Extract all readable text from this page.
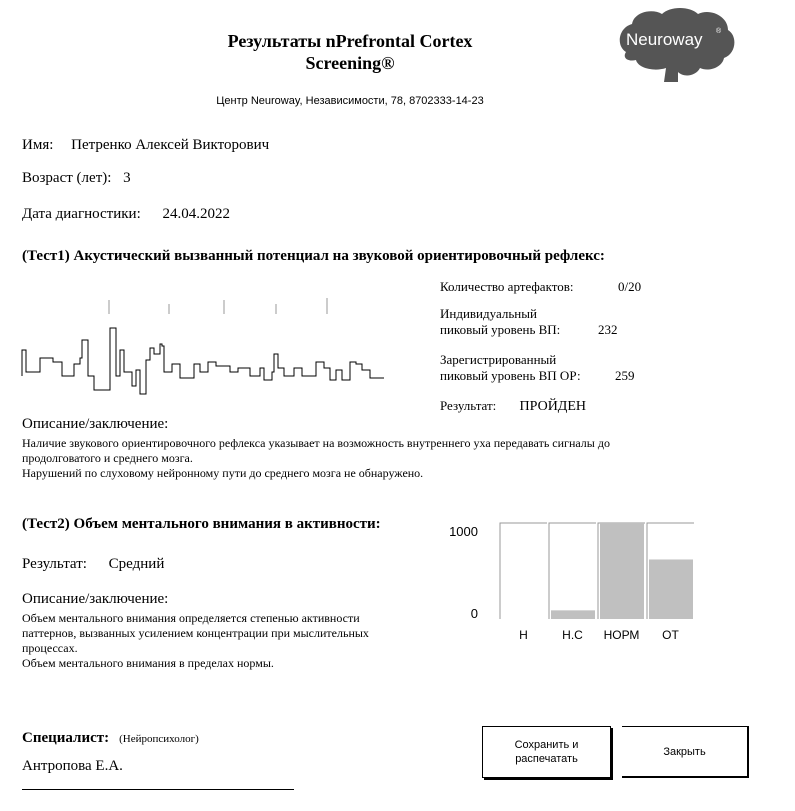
Результаты nPrefrontal Cortex
Screening®
Центр Neuroway, Независимости, 78, 8702333-14-23
Neuroway ®
Имя: Петренко Алексей Викторович
Возраст (лет): 3
Дата диагностики: 24.04.2022
(Тест1) Акустический вызванный потенциал на звуковой ориентировочный рефлекс:
Количество артефактов:	0/20
Индивидуальный
пиковый уровень ВП:	232
Зарегистрированный
пиковый уровень ВП ОР:	259
Результат: ПРОЙДЕН
Описание/заключение:
Наличие звукового ориентировочного рефлекса указывает на возможность внутреннего уха передавать сигналы до
продолговатого и среднего мозга.
Нарушений по слуховому нейронному пути до среднего мозга не обнаружено.
(Тест2) Объем ментального внимания в активности:
Результат: Средний
Описание/заключение:
Объем ментального внимания определяется степенью активности
паттернов, вызванных усилением концентрации при мыслительных
процессах.
Объем ментального внимания в пределах нормы.
1000
0
Н	Н.С НОРМ ОТ
Специалист: (Нейропсихолог)
Антропова Е.А.
Сохранить и
распечатать
Закрыть
